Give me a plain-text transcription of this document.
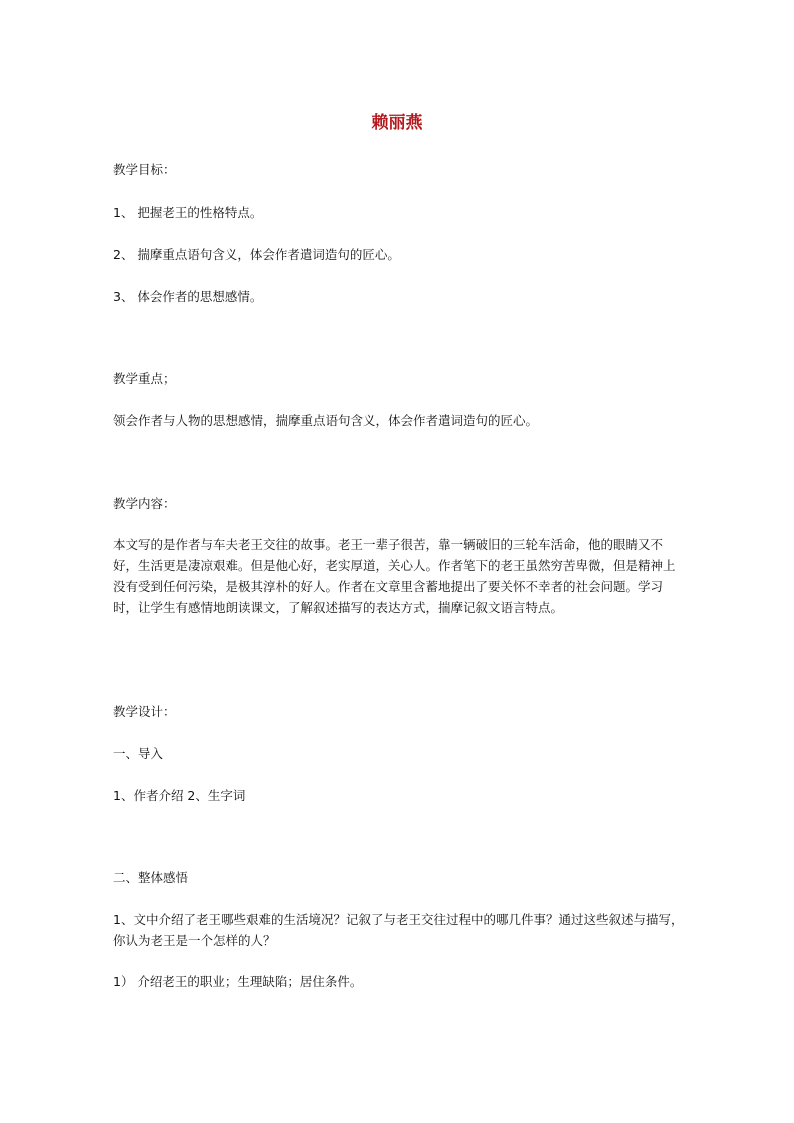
赖丽燕
教学目标：
1、 把握老王的性格特点。
2、 揣摩重点语句含义，体会作者遣词造句的匠心。
3、 体会作者的思想感情。
教学重点；
领会作者与人物的思想感情，揣摩重点语句含义，体会作者遣词造句的匠心。
教学内容：
本文写的是作者与车夫老王交往的故事。老王一辈子很苦，靠一辆破旧的三轮车活命，他的眼睛又不好，生活更是凄凉艰难。但是他心好，老实厚道，关心人。作者笔下的老王虽然穷苦卑微，但是精神上没有受到任何污染，是极其淳朴的好人。作者在文章里含蓄地提出了要关怀不幸者的社会问题。学习时，让学生有感情地朗读课文，了解叙述描写的表达方式，揣摩记叙文语言特点。
教学设计：
一、导入
1、作者介绍 2、生字词
二、整体感悟
1、文中介绍了老王哪些艰难的生活境况？记叙了与老王交往过程中的哪几件事？通过这些叙述与描写，你认为老王是一个怎样的人？
1） 介绍老王的职业；生理缺陷；居住条件。
